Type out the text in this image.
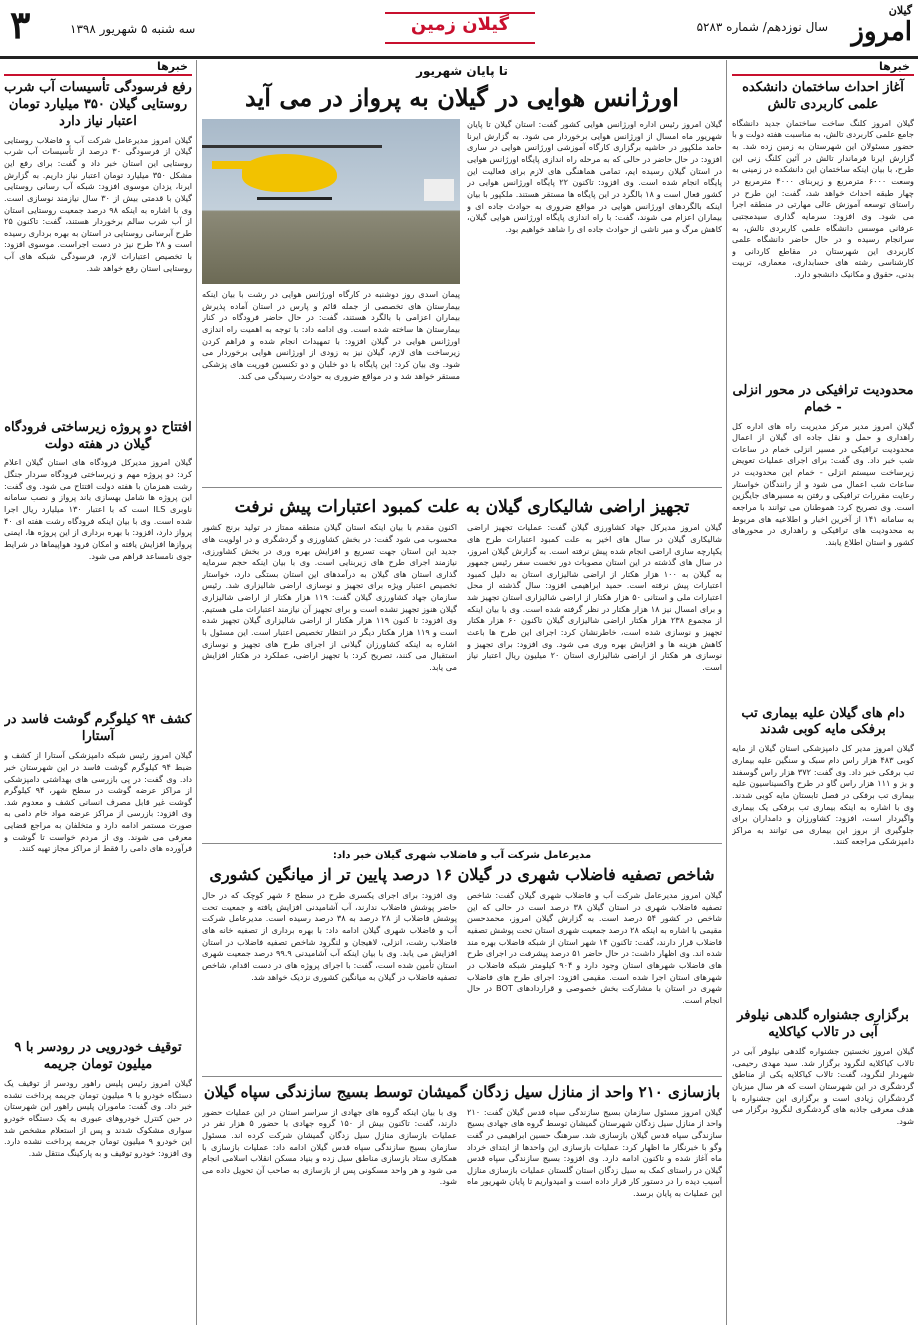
گیلان
امروز
سال نوزدهم/ شماره ۵۲۸۳
گیلان زمین
سه شنبه ۵ شهریور ۱۳۹۸
۳
خبرها
آغاز احداث ساختمان دانشکده علمی کاربردی تالش
گیلان امروز کلنگ ساخت ساختمان جدید دانشگاه جامع علمی کاربردی تالش، به مناسبت هفته دولت و با حضور مسئولان این شهرستان به زمین زده شد. به گزارش ایرنا فرماندار تالش در آئین کلنگ زنی این طرح، با بیان اینکه ساختمان این دانشکده در زمینی به وسعت ۶۰۰۰ مترمربع و زیربنای ۴۰۰۰ مترمربع در چهار طبقه احداث خواهد شد، گفت: این طرح در راستای توسعه آموزش عالی مهارتی در منطقه اجرا می شود. وی افزود: سرمایه گذاری سیدمجتبی عرفانی موسس دانشگاه علمی کاربردی تالش، به سرانجام رسیده و در حال حاضر دانشگاه علمی کاربردی این شهرستان در مقاطع کاردانی و کارشناسی رشته های حسابداری، معماری، تربیت بدنی، حقوق و مکانیک دانشجو دارد.
محدودیت ترافیکی در محور انزلی - خمام
گیلان امروز مدیر مرکز مدیریت راه های اداره کل راهداری و حمل و نقل جاده ای گیلان از اعمال محدودیت ترافیکی در مسیر انزلی خمام در ساعات شب خبر داد. وی گفت: برای اجرای عملیات تعویض زیرساخت سیستم انزلی - خمام این محدودیت در ساعات شب اعمال می شود و از رانندگان خواستار رعایت مقررات ترافیکی و رفتن به مسیرهای جایگزین است. وی تصریح کرد: هموطنان می توانند با مراجعه به سامانه ۱۴۱ از آخرین اخبار و اطلاعیه های مربوط به محدودیت های ترافیکی و راهداری در محورهای کشور و استان اطلاع یابند.
دام های گیلان علیه بیماری تب برفکی مایه کوبی شدند
گیلان امروز مدیر کل دامپزشکی استان گیلان از مایه کوبی ۴۸۳ هزار راس دام سبک و سنگین علیه بیماری تب برفکی خبر داد. وی گفت: ۳۷۲ هزار راس گوسفند و بز و ۱۱۱ هزار راس گاو در طرح واکسیناسیون علیه بیماری تب برفکی در فصل تابستان مایه کوبی شدند. وی با اشاره به اینکه بیماری تب برفکی یک بیماری واگیردار است، افزود: کشاورزان و دامداران برای جلوگیری از بروز این بیماری می توانند به مراکز دامپزشکی مراجعه کنند.
برگزاری جشنواره گلدهی نیلوفر آبی در تالاب کیاکلایه
گیلان امروز نخستین جشنواره گلدهی نیلوفر آبی در تالاب کیاکلایه لنگرود برگزار شد. سید مهدی رحیمی، شهردار لنگرود، گفت: تالاب کیاکلایه یکی از مناطق گردشگری در این شهرستان است که هر سال میزبان گردشگران زیادی است و برگزاری این جشنواره با هدف معرفی جاذبه های گردشگری لنگرود برگزار می شود.
تا پایان شهریور
اورژانس هوایی در گیلان به پرواز در می آید
گیلان امروز رئیس اداره اورژانس هوایی کشور گفت: استان گیلان تا پایان شهریور ماه امسال از اورژانس هوایی برخوردار می شود. به گزارش ایرنا حامد ملکپور در حاشیه برگزاری کارگاه آموزشی اورژانس هوایی در ساری افزود: در حال حاضر در حالی که به مرحله راه اندازی پایگاه اورژانس هوایی در استان گیلان رسیده ایم، تمامی هماهنگی های لازم برای فعالیت این پایگاه انجام شده است. وی افزود: تاکنون ۲۲ پایگاه اورژانس هوایی در کشور فعال است و ۱۸ بالگرد در این پایگاه ها مستقر هستند. ملکپور با بیان اینکه بالگردهای اورژانس هوایی در مواقع ضروری به حوادث جاده ای و بیماران اعزام می شوند، گفت: با راه اندازی پایگاه اورژانس هوایی گیلان، کاهش مرگ و میر ناشی از حوادث جاده ای را شاهد خواهیم بود.
پیمان اسدی روز دوشنبه در کارگاه اورژانس هوایی در رشت با بیان اینکه بیمارستان های تخصصی از جمله قائم و پارس در استان آماده پذیرش بیماران اعزامی با بالگرد هستند، گفت: در حال حاضر فرودگاه در کنار بیمارستان ها ساخته شده است. وی ادامه داد: با توجه به اهمیت راه اندازی اورژانس هوایی در گیلان افزود: با تمهیدات انجام شده و فراهم کردن زیرساخت های لازم، گیلان نیز به زودی از اورژانس هوایی برخوردار می شود. وی بیان کرد: این پایگاه با دو خلبان و دو تکنسین فوریت های پزشکی مستقر خواهد شد و در مواقع ضروری به حوادث رسیدگی می کند.
تجهیز اراضی شالیکاری گیلان به علت کمبود اعتبارات پیش نرفت
گیلان امروز مدیرکل جهاد کشاورزی گیلان گفت: عملیات تجهیز اراضی شالیکاری گیلان در سال های اخیر به علت کمبود اعتبارات طرح های یکپارچه سازی اراضی انجام شده پیش نرفته است. به گزارش گیلان امروز، در سال های گذشته در این استان مصوبات دور نخست سفر رئیس جمهور به گیلان به ۱۰۰ هزار هکتار از اراضی شالیزاری استان به دلیل کمبود اعتبارات پیش نرفته است. حمید ابراهیمی افزود: سال گذشته از محل اعتبارات ملی و استانی ۵۰ هزار هکتار از اراضی شالیزاری استان تجهیز شد و برای امسال نیز ۱۸ هزار هکتار در نظر گرفته شده است. وی با بیان اینکه از مجموع ۲۳۸ هزار هکتار اراضی شالیزاری گیلان تاکنون ۶۰ هزار هکتار تجهیز و نوسازی شده است، خاطرنشان کرد: اجرای این طرح ها باعث کاهش هزینه ها و افزایش بهره وری می شود. وی افزود: برای تجهیز و نوسازی هر هکتار از اراضی شالیزاری استان ۲۰ میلیون ریال اعتبار نیاز است.
اکنون مقدم با بیان اینکه استان گیلان منطقه ممتاز در تولید برنج کشور محسوب می شود گفت: در بخش کشاورزی و گردشگری و در اولویت های جدید این استان جهت تسریع و افزایش بهره وری در بخش کشاورزی، نیازمند اجرای طرح های زیربنایی است. وی با بیان اینکه حجم سرمایه گذاری استان های گیلان به درآمدهای این استان بستگی دارد، خواستار تخصیص اعتبار ویژه برای تجهیز و نوسازی اراضی شالیزاری شد. رئیس سازمان جهاد کشاورزی گیلان گفت: ۱۱۹ هزار هکتار از اراضی شالیزاری گیلان هنوز تجهیز نشده است و برای تجهیز آن نیازمند اعتبارات ملی هستیم. وی افزود: تا کنون ۱۱۹ هزار هکتار از اراضی شالیزاری گیلان تجهیز شده است و ۱۱۹ هزار هکتار دیگر در انتظار تخصیص اعتبار است. این مسئول با اشاره به اینکه کشاورزان گیلانی از اجرای طرح های تجهیز و نوسازی استقبال می کنند، تصریح کرد: با تجهیز اراضی، عملکرد در هکتار افزایش می یابد.
مدیرعامل شرکت آب و فاضلاب شهری گیلان خبر داد:
شاخص تصفیه فاضلاب شهری در گیلان ۱۶ درصد پایین تر از میانگین کشوری
گیلان امروز مدیرعامل شرکت آب و فاضلاب شهری گیلان گفت: شاخص تصفیه فاضلاب شهری در استان گیلان ۳۸ درصد است در حالی که این شاخص در کشور ۵۴ درصد است. به گزارش گیلان امروز، محمدحسن مقیمی با اشاره به اینکه ۲۸ درصد جمعیت شهری استان تحت پوشش تصفیه فاضلاب قرار دارند، گفت: تاکنون ۱۴ شهر استان از شبکه فاضلاب بهره مند شده اند. وی اظهار داشت: در حال حاضر ۵۱ درصد پیشرفت در اجرای طرح های فاضلاب شهرهای استان وجود دارد و ۹۰۴ کیلومتر شبکه فاضلاب در شهرهای استان اجرا شده است. مقیمی افزود: اجرای طرح های فاضلاب شهری در استان با مشارکت بخش خصوصی و قراردادهای BOT در حال انجام است.
وی افزود: برای اجرای یکسری طرح در سطح ۶ شهر کوچک که در حال حاضر پوشش فاضلاب ندارند، آب آشامیدنی افزایش یافته و جمعیت تحت پوشش فاضلاب از ۲۸ درصد به ۳۸ درصد رسیده است. مدیرعامل شرکت آب و فاضلاب شهری گیلان ادامه داد: با بهره برداری از تصفیه خانه های فاضلاب رشت، انزلی، لاهیجان و لنگرود شاخص تصفیه فاضلاب در استان افزایش می یابد. وی با بیان اینکه آب آشامیدنی ۹۹.۹ درصد جمعیت شهری استان تأمین شده است، گفت: با اجرای پروژه های در دست اقدام، شاخص تصفیه فاضلاب در گیلان به میانگین کشوری نزدیک خواهد شد.
بازسازی ۲۱۰ واحد از منازل سیل زدگان گمیشان توسط بسیج سازندگی سپاه گیلان
گیلان امروز مسئول سازمان بسیج سازندگی سپاه قدس گیلان گفت: ۲۱۰ واحد از منازل سیل زدگان شهرستان گمیشان توسط گروه های جهادی بسیج سازندگی سپاه قدس گیلان بازسازی شد. سرهنگ حسین ابراهیمی در گفت وگو با خبرنگار ما اظهار کرد: عملیات بازسازی این واحدها از ابتدای خرداد ماه آغاز شده و تاکنون ادامه دارد. وی افزود: بسیج سازندگی سپاه قدس گیلان در راستای کمک به سیل زدگان استان گلستان عملیات بازسازی منازل آسیب دیده را در دستور کار قرار داده است و امیدواریم تا پایان شهریور ماه این عملیات به پایان برسد.
وی با بیان اینکه گروه های جهادی از سراسر استان در این عملیات حضور دارند، گفت: تاکنون بیش از ۱۵۰ گروه جهادی با حضور ۵ هزار نفر در عملیات بازسازی منازل سیل زدگان گمیشان شرکت کرده اند. مسئول سازمان بسیج سازندگی سپاه قدس گیلان ادامه داد: عملیات بازسازی با همکاری ستاد بازسازی مناطق سیل زده و بنیاد مسکن انقلاب اسلامی انجام می شود و هر واحد مسکونی پس از بازسازی به صاحب آن تحویل داده می شود.
خبرها
رفع فرسودگی تأسیسات آب شرب روستایی گیلان ۳۵۰ میلیارد تومان اعتبار نیاز دارد
گیلان امروز مدیرعامل شرکت آب و فاضلاب روستایی گیلان از فرسودگی ۳۰ درصد از تأسیسات آب شرب روستایی این استان خبر داد و گفت: برای رفع این مشکل ۳۵۰ میلیارد تومان اعتبار نیاز داریم. به گزارش ایرنا، یزدان موسوی افزود: شبکه آب رسانی روستایی گیلان با قدمتی بیش از ۳۰ سال نیازمند نوسازی است. وی با اشاره به اینکه ۹۸ درصد جمعیت روستایی استان از آب شرب سالم برخوردار هستند، گفت: تاکنون ۲۵ طرح آبرسانی روستایی در استان به بهره برداری رسیده است و ۲۸ طرح نیز در دست اجراست. موسوی افزود: با تخصیص اعتبارات لازم، فرسودگی شبکه های آب روستایی استان رفع خواهد شد.
افتتاح دو پروژه زیرساختی فرودگاه گیلان در هفته دولت
گیلان امروز مدیرکل فرودگاه های استان گیلان اعلام کرد: دو پروژه مهم و زیرساختی فرودگاه سردار جنگل رشت همزمان با هفته دولت افتتاح می شود. وی گفت: این پروژه ها شامل بهسازی باند پرواز و نصب سامانه ناوبری ILS است که با اعتبار ۱۳۰ میلیارد ریال اجرا شده است. وی با بیان اینکه فرودگاه رشت هفته ای ۴۰ پرواز دارد، افزود: با بهره برداری از این پروژه ها، ایمنی پروازها افزایش یافته و امکان فرود هواپیماها در شرایط جوی نامساعد فراهم می شود.
کشف ۹۴ کیلوگرم گوشت فاسد در آستارا
گیلان امروز رئیس شبکه دامپزشکی آستارا از کشف و ضبط ۹۴ کیلوگرم گوشت فاسد در این شهرستان خبر داد. وی گفت: در پی بازرسی های بهداشتی دامپزشکی از مراکز عرضه گوشت در سطح شهر، ۹۴ کیلوگرم گوشت غیر قابل مصرف انسانی کشف و معدوم شد. وی افزود: بازرسی از مراکز عرضه مواد خام دامی به صورت مستمر ادامه دارد و متخلفان به مراجع قضایی معرفی می شوند. وی از مردم خواست تا گوشت و فرآورده های دامی را فقط از مراکز مجاز تهیه کنند.
توقیف خودرویی در رودسر با ۹ میلیون تومان جریمه
گیلان امروز رئیس پلیس راهور رودسر از توقیف یک دستگاه خودرو با ۹ میلیون تومان جریمه پرداخت نشده خبر داد. وی گفت: ماموران پلیس راهور این شهرستان در حین کنترل خودروهای عبوری به یک دستگاه خودرو سواری مشکوک شدند و پس از استعلام مشخص شد این خودرو ۹ میلیون تومان جریمه پرداخت نشده دارد. وی افزود: خودرو توقیف و به پارکینگ منتقل شد.
